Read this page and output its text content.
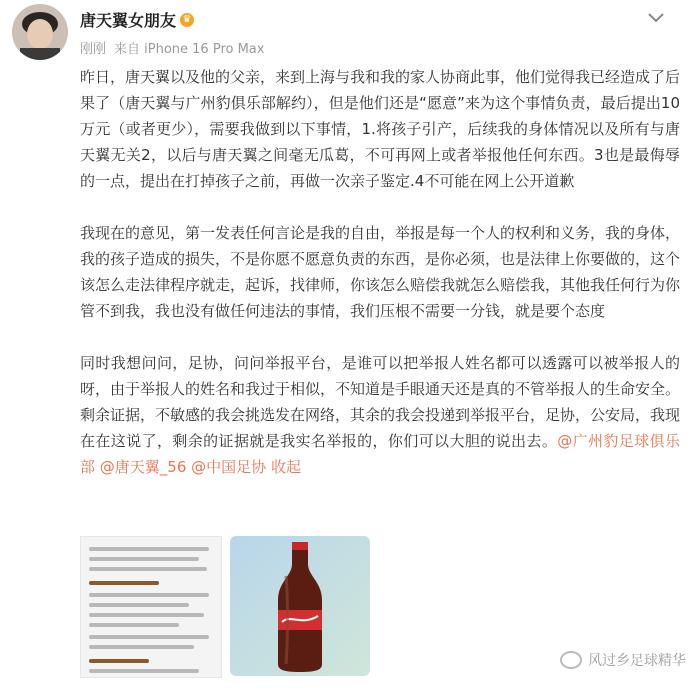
唐天翼女朋友 ♛
刚刚 来自 iPhone 16 Pro Max

昨日，唐天翼以及他的父亲，来到上海与我和我的家人协商此事，他们觉得我已经造成了后果了（唐天翼与广州豹俱乐部解约），但是他们还是“愿意”来为这个事情负责，最后提出10万元（或者更少），需要我做到以下事情，1.将孩子引产，后续我的身体情况以及所有与唐天翼无关2，以后与唐天翼之间毫无瓜葛，不可再网上或者举报他任何东西。3也是最侮辱的一点，提出在打掉孩子之前，再做一次亲子鉴定.4不可能在网上公开道歉

我现在的意见，第一发表任何言论是我的自由，举报是每一个人的权利和义务，我的身体，我的孩子造成的损失，不是你愿不愿意负责的东西，是你必须，也是法律上你要做的，这个该怎么走法律程序就走，起诉，找律师，你该怎么赔偿我就怎么赔偿我，其他我任何行为你管不到我，我也没有做任何违法的事情，我们压根不需要一分钱，就是要个态度

同时我想问问，足协，问问举报平台，是谁可以把举报人姓名都可以透露可以被举报人的呀，由于举报人的姓名和我过于相似，不知道是手眼通天还是真的不管举报人的生命安全。剩余证据，不敏感的我会挑选发在网络，其余的我会投递到举报平台，足协，公安局，我现在在这说了，剩余的证据就是我实名举报的，你们可以大胆的说出去。@广州豹足球俱乐部 @唐天翼_56 @中国足协 收起

风过乡足球精华
